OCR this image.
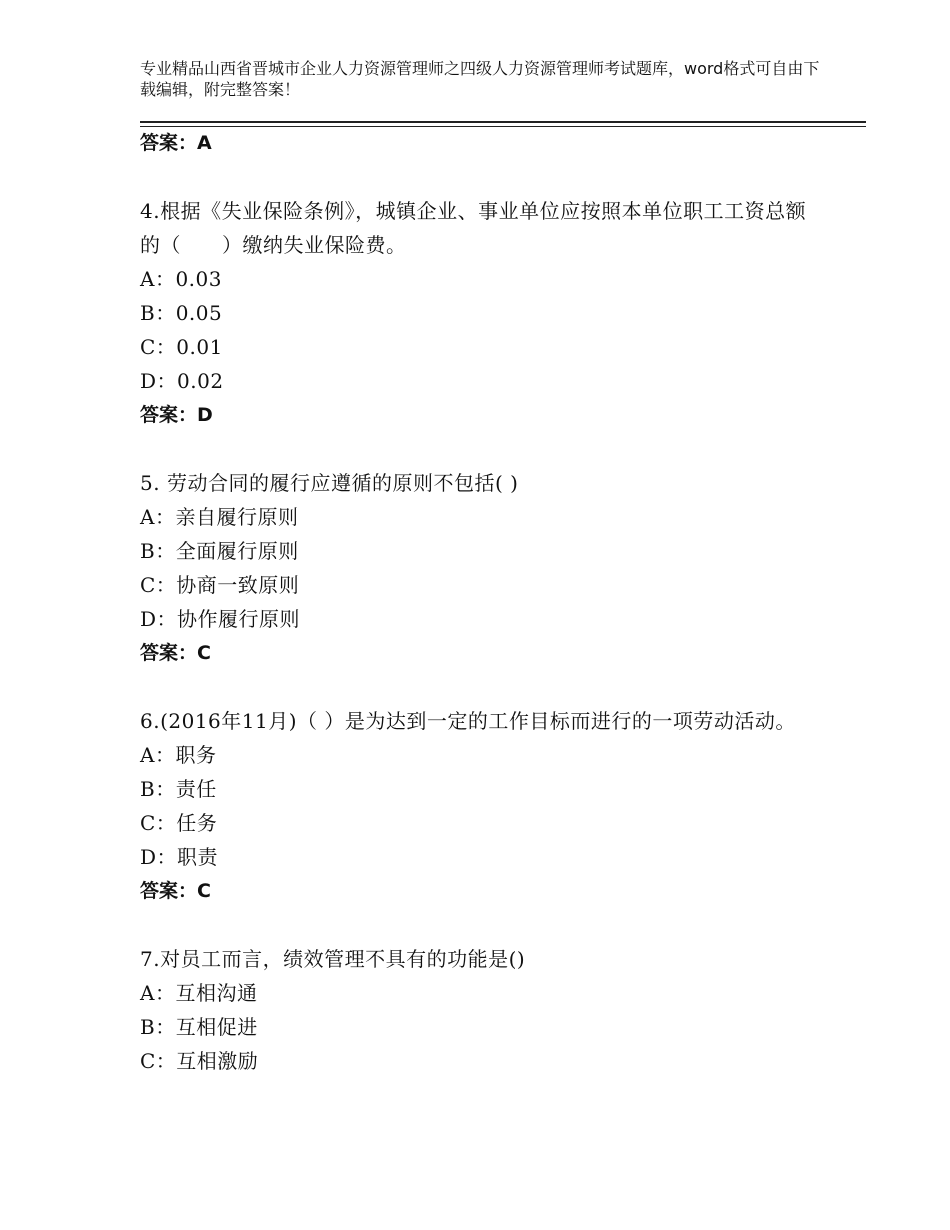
专业精品山西省晋城市企业人力资源管理师之四级人力资源管理师考试题库，word格式可自由下载编辑，附完整答案！
答案：A
4.根据《失业保险条例》，城镇企业、事业单位应按照本单位职工工资总额的（　　）缴纳失业保险费。
A：0.03
B：0.05
C：0.01
D：0.02
答案：D
5. 劳动合同的履行应遵循的原则不包括( )
A：亲自履行原则
B：全面履行原则
C：协商一致原则
D：协作履行原则
答案：C
6.(2016年11月)（ ）是为达到一定的工作目标而进行的一项劳动活动。
A：职务
B：责任
C：任务
D：职责
答案：C
7.对员工而言，绩效管理不具有的功能是()
A：互相沟通
B：互相促进
C：互相激励
